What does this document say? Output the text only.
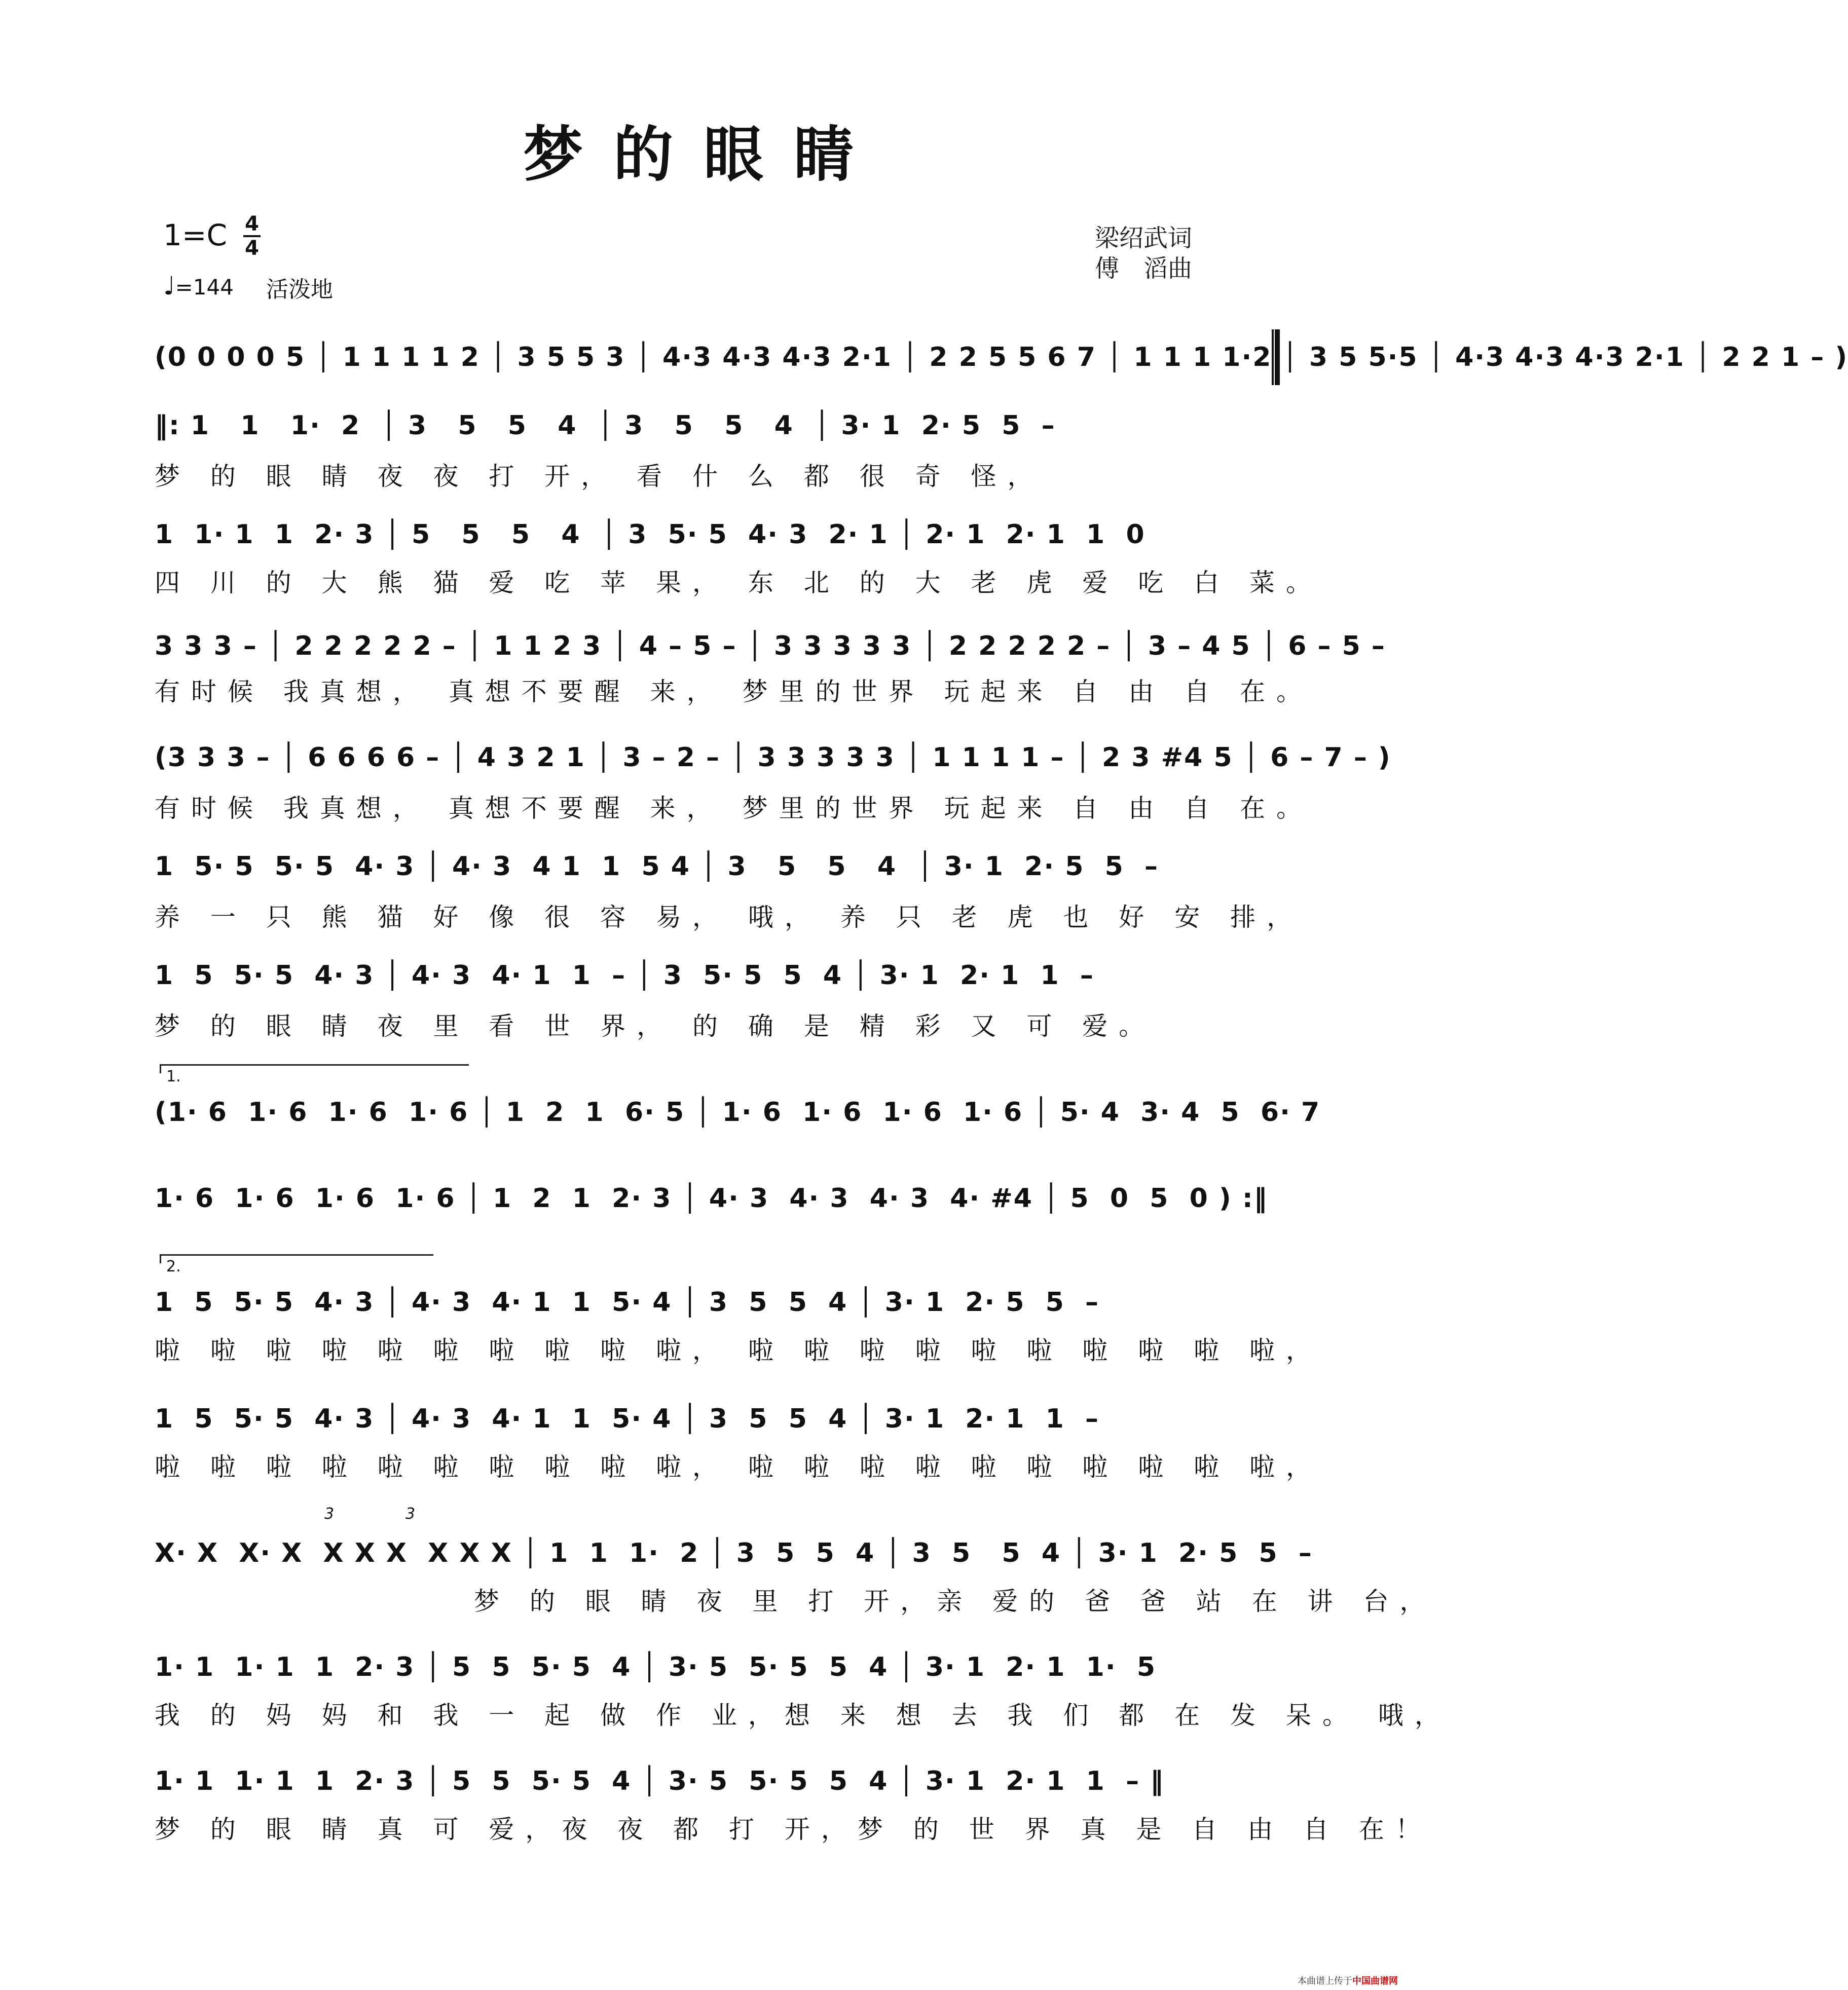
梦的眼睛
1=C 4
4
♩=144 活泼地
梁绍武词
傅　滔曲
(0 0 0 0 5 │ 1 1 1 1 2 │ 3 5 5 3 │ 4·3 4·3 4·3 2·1 │ 2 2 5 5 6 7 │ 1 1 1 1·2 │ 3 5 5·5 │ 4·3 4·3 4·3 2·1 │ 2 2 1 – )
‖: 1   1   1·  2  │ 3   5   5   4  │ 3   5   5   4  │ 3· 1  2· 5  5  –
梦 的 眼 睛 夜 夜 打 开， 看 什 么 都 很 奇 怪，
1  1· 1  1  2· 3 │ 5   5   5   4  │ 3  5· 5  4· 3  2· 1 │ 2· 1  2· 1  1  0
四 川 的 大 熊 猫 爱 吃 苹 果， 东 北 的 大 老 虎 爱 吃 白 菜。
3 3 3 – │ 2 2 2 2 2 – │ 1 1 2 3 │ 4 – 5 – │ 3 3 3 3 3 │ 2 2 2 2 2 – │ 3 – 4 5 │ 6 – 5 –
有时候 我真想， 真想不要醒 来， 梦里的世界 玩起来 自 由 自 在。
(3 3 3 – │ 6 6 6 6 – │ 4 3 2 1 │ 3 – 2 – │ 3 3 3 3 3 │ 1 1 1 1 – │ 2 3 #4 5 │ 6 – 7 – )
有时候 我真想， 真想不要醒 来， 梦里的世界 玩起来 自 由 自 在。
1  5· 5  5· 5  4· 3 │ 4· 3  4 1  1  5 4 │ 3   5   5   4  │ 3· 1  2· 5  5  –
养 一 只 熊 猫 好 像 很 容 易， 哦， 养 只 老 虎 也 好 安 排，
1  5  5· 5  4· 3 │ 4· 3  4· 1  1  – │ 3  5· 5  5  4 │ 3· 1  2· 1  1  –
梦 的 眼 睛 夜 里 看 世 界， 的 确 是 精 彩 又 可 爱。
1.
(1· 6  1· 6  1· 6  1· 6 │ 1  2  1  6· 5 │ 1· 6  1· 6  1· 6  1· 6 │ 5· 4  3· 4  5  6· 7
1· 6  1· 6  1· 6  1· 6 │ 1  2  1  2· 3 │ 4· 3  4· 3  4· 3  4· #4 │ 5  0  5  0 ) :‖
2.
1  5  5· 5  4· 3 │ 4· 3  4· 1  1  5· 4 │ 3  5  5  4 │ 3· 1  2· 5  5  –
啦 啦 啦 啦 啦 啦 啦 啦 啦 啦， 啦 啦 啦 啦 啦 啦 啦 啦 啦 啦，
1  5  5· 5  4· 3 │ 4· 3  4· 1  1  5· 4 │ 3  5  5  4 │ 3· 1  2· 1  1  –
啦 啦 啦 啦 啦 啦 啦 啦 啦 啦， 啦 啦 啦 啦 啦 啦 啦 啦 啦 啦，
3	3
X· X  X· X  X X X  X X X │ 1  1  1·  2 │ 3  5  5  4 │ 3  5   5  4 │ 3· 1  2· 5  5  –
梦 的 眼 睛 夜 里 打 开，亲 爱的 爸 爸 站 在 讲 台，
1· 1  1· 1  1  2· 3 │ 5  5  5· 5  4 │ 3· 5  5· 5  5  4 │ 3· 1  2· 1  1·  5
我 的 妈 妈 和 我 一 起 做 作 业，想 来 想 去 我 们 都 在 发 呆。 哦，
1· 1  1· 1  1  2· 3 │ 5  5  5· 5  4 │ 3· 5  5· 5  5  4 │ 3· 1  2· 1  1  – ‖
梦 的 眼 睛 真 可 爱，夜 夜 都 打 开，梦 的 世 界 真 是 自 由 自 在！
本曲谱上传于中国曲谱网
